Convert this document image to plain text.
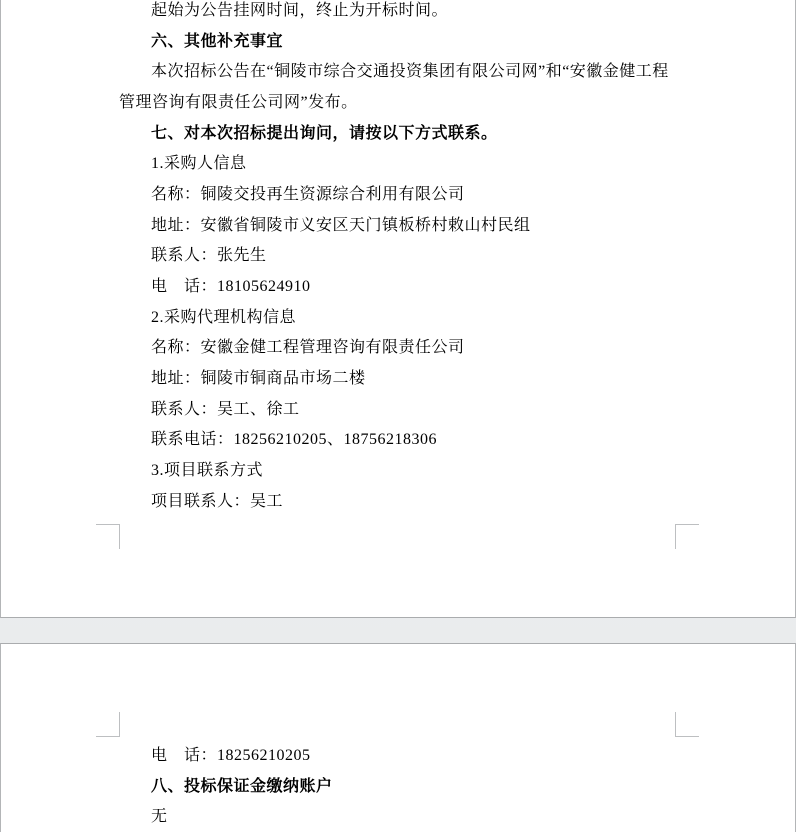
起始为公告挂网时间，终止为开标时间。

六、其他补充事宜

本次招标公告在“铜陵市综合交通投资集团有限公司网”和“安徽金健工程

管理咨询有限责任公司网”发布。

七、对本次招标提出询问，请按以下方式联系。

1.采购人信息

名称：铜陵交投再生资源综合利用有限公司

地址：安徽省铜陵市义安区天门镇板桥村敕山村民组

联系人：张先生

电　话：18105624910

2.采购代理机构信息

名称：安徽金健工程管理咨询有限责任公司

地址：铜陵市铜商品市场二楼

联系人：吴工、徐工

联系电话：18256210205、18756218306

3.项目联系方式

项目联系人：吴工

电　话：18256210205

八、投标保证金缴纳账户

无
